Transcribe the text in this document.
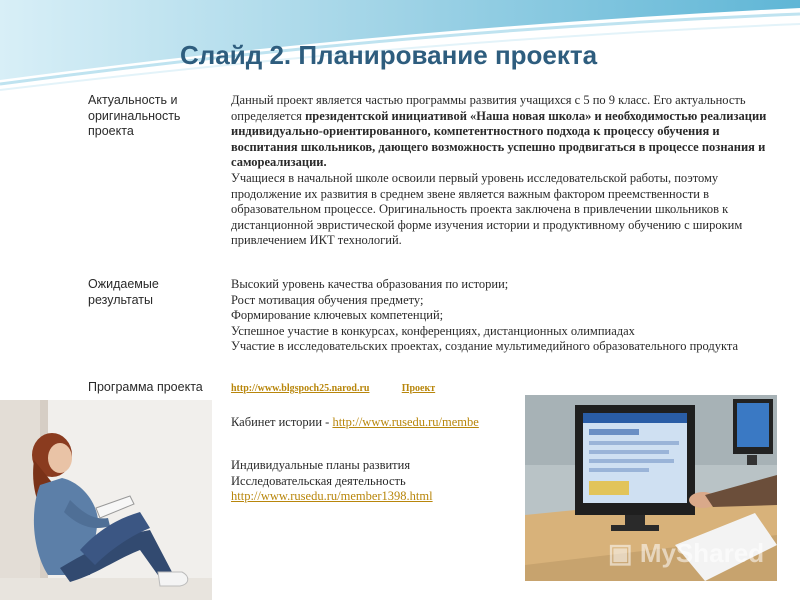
Слайд 2. Планирование проекта
Актуальность и оригинальность проекта
Данный проект является частью программы развития учащихся с 5 по 9 класс. Его актуальность определяется президентской инициативой «Наша новая школа» и необходимостью реализации индивидуально-ориентированного, компетентностного подхода к процессу обучения и воспитания школьников, дающего возможность успешно продвигаться в процессе познания и самореализации.
Учащиеся в начальной школе освоили первый уровень исследовательской работы, поэтому продолжение их развития в среднем звене является важным фактором преемственности в образовательном процессе. Оригинальность проекта заключена в привлечении школьников к дистанционной эвристической форме изучения истории и продуктивному обучению с широким привлечением ИКТ технологий.
Ожидаемые результаты
Высокий уровень качества образования по истории;
Рост мотивация обучения предмету;
Формирование ключевых компетенций;
Успешное участие в конкурсах, конференциях, дистанционных олимпиадах
Участие в исследовательских проектах, создание мультимедийного образовательного продукта
Программа проекта	http://www.blgspoch25.narod.ru	Проект
Кабинет истории - http://www.rusedu.ru/membe
Индивидуальные планы развития
Исследовательская деятельность
http://www.rusedu.ru/member1398.html
▣ MyShared
